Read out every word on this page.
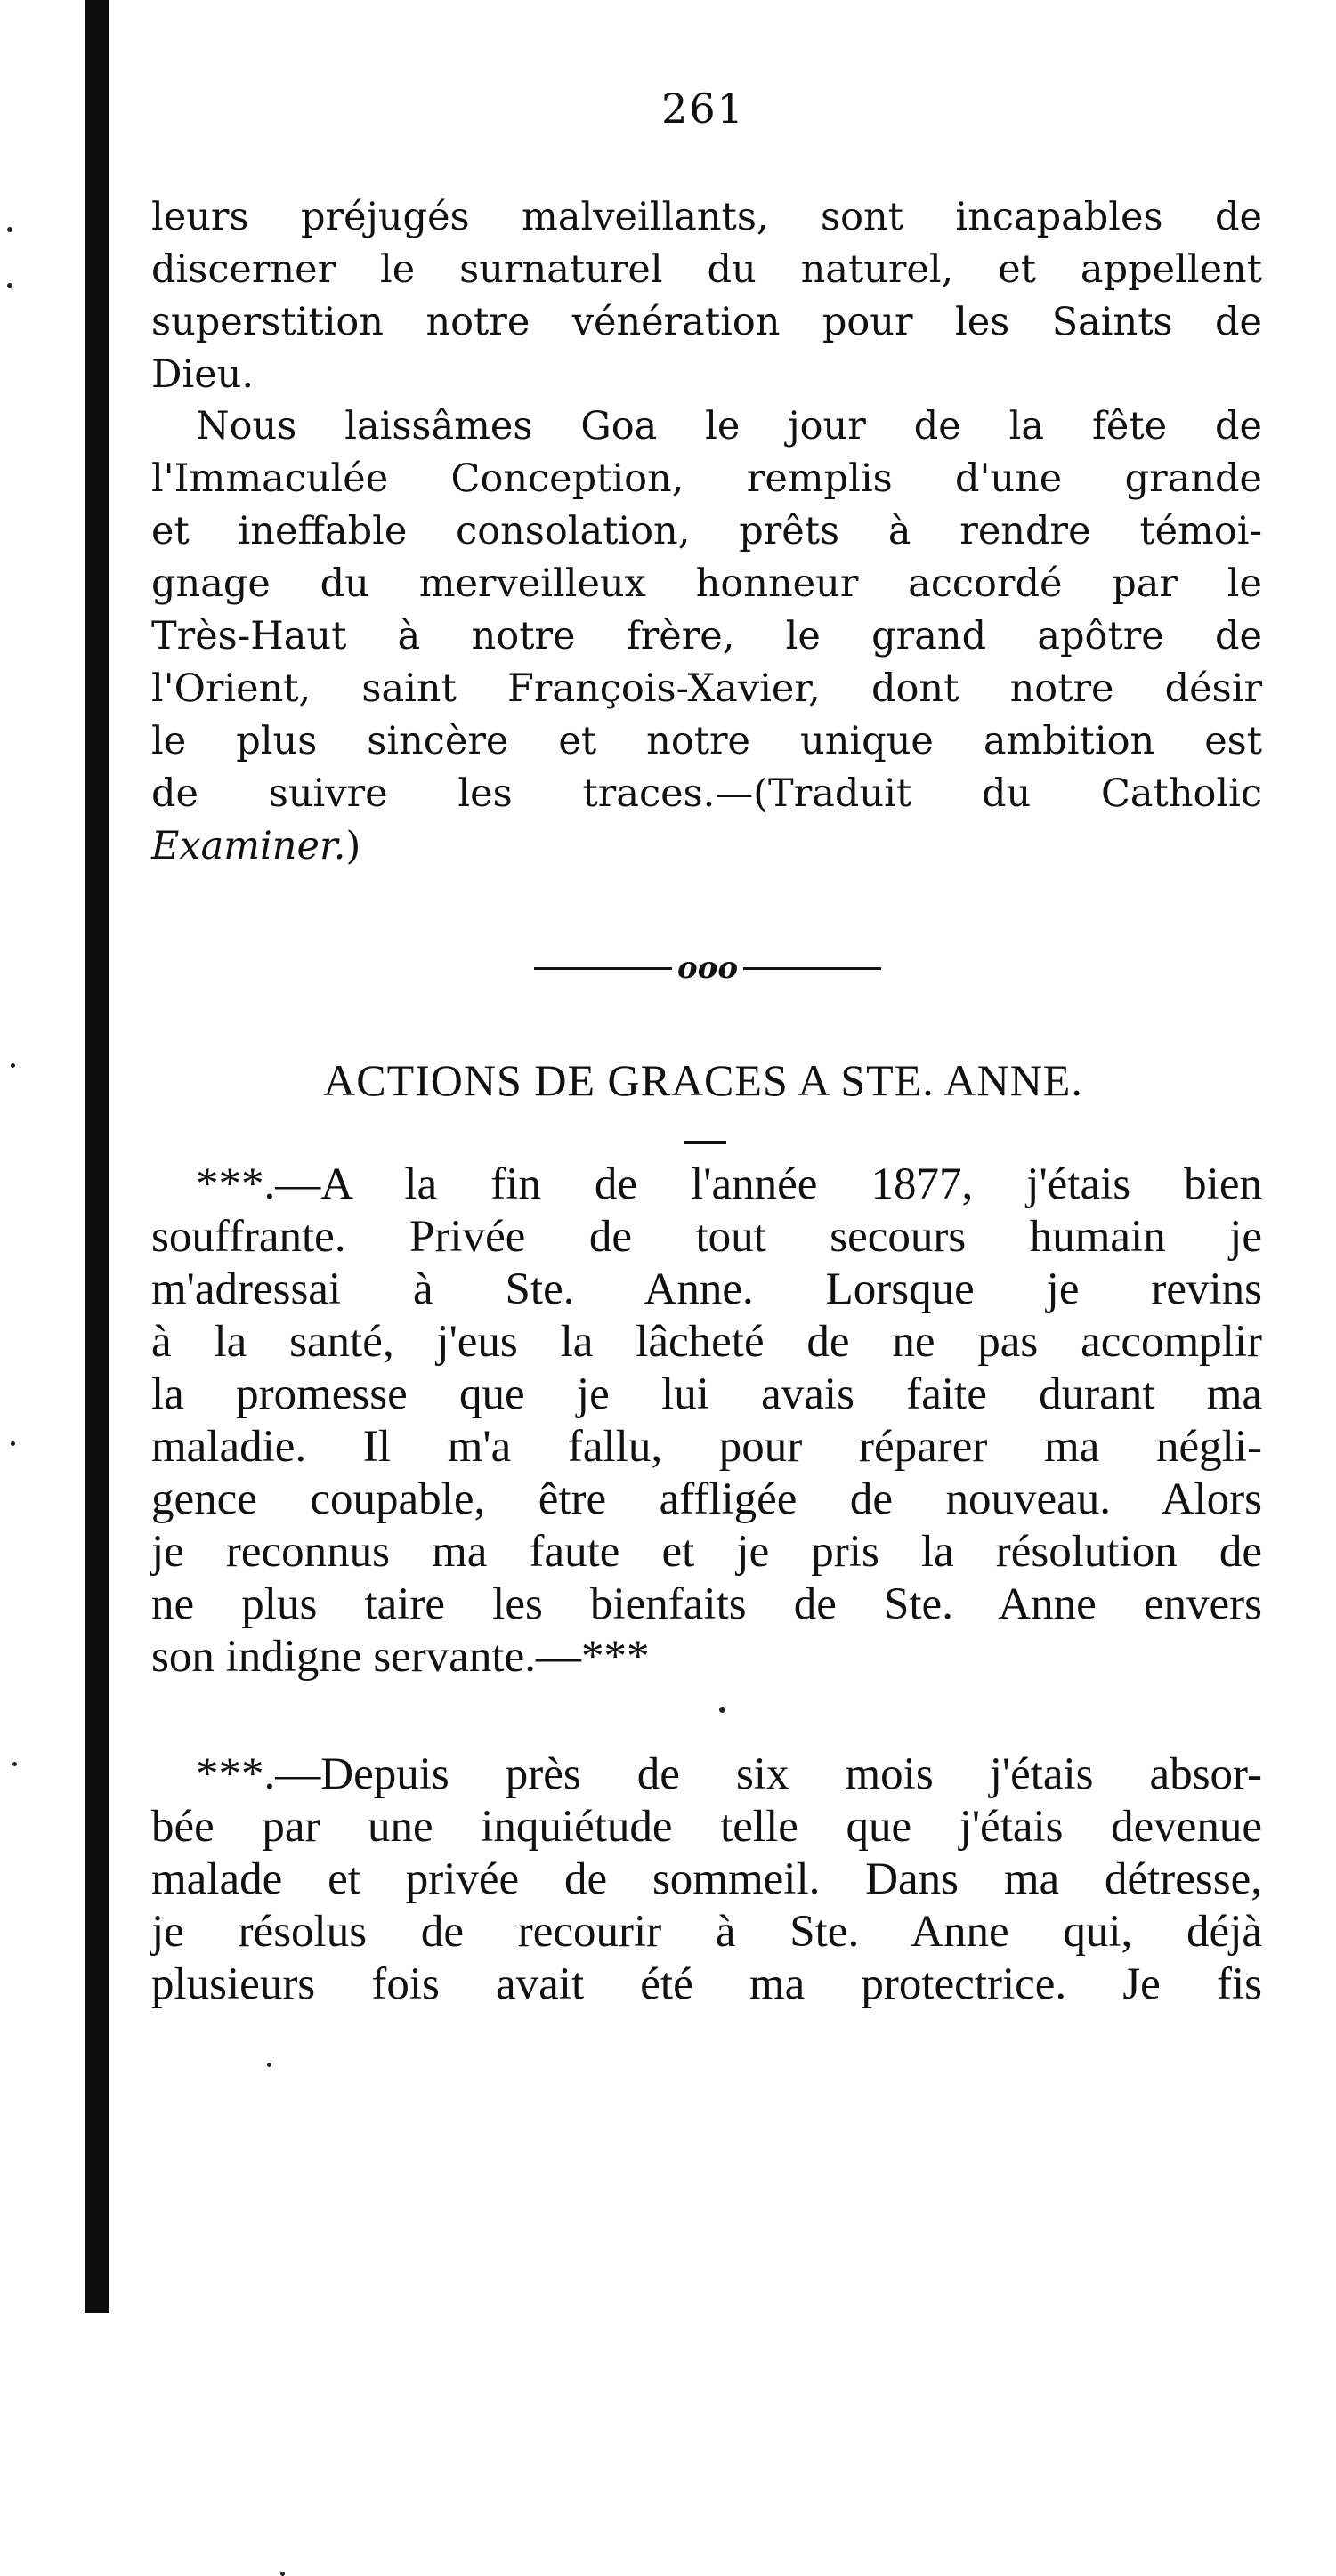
261
leurs préjugés malveillants, sont incapables de
discerner le surnaturel du naturel, et appellent
superstition notre vénération pour les Saints de
Dieu.
Nous laissâmes Goa le jour de la fête de
l'Immaculée Conception, remplis d'une grande
et ineffable consolation, prêts à rendre témoi-
gnage du merveilleux honneur accordé par le
Très-Haut à notre frère, le grand apôtre de
l'Orient, saint François-Xavier, dont notre désir
le plus sincère et notre unique ambition est
de suivre les traces.—(Traduit du Catholic
Examiner.)
ooo
ACTIONS DE GRACES A STE. ANNE.
***.—A la fin de l'année 1877, j'étais bien
souffrante. Privée de tout secours humain je
m'adressai à Ste. Anne. Lorsque je revins
à la santé, j'eus la lâcheté de ne pas accomplir
la promesse que je lui avais faite durant ma
maladie. Il m'a fallu, pour réparer ma négli-
gence coupable, être affligée de nouveau. Alors
je reconnus ma faute et je pris la résolution de
ne plus taire les bienfaits de Ste. Anne envers
son indigne servante.—***
***.—Depuis près de six mois j'étais absor-
bée par une inquiétude telle que j'étais devenue
malade et privée de sommeil. Dans ma détresse,
je résolus de recourir à Ste. Anne qui, déjà
plusieurs fois avait été ma protectrice. Je fis
